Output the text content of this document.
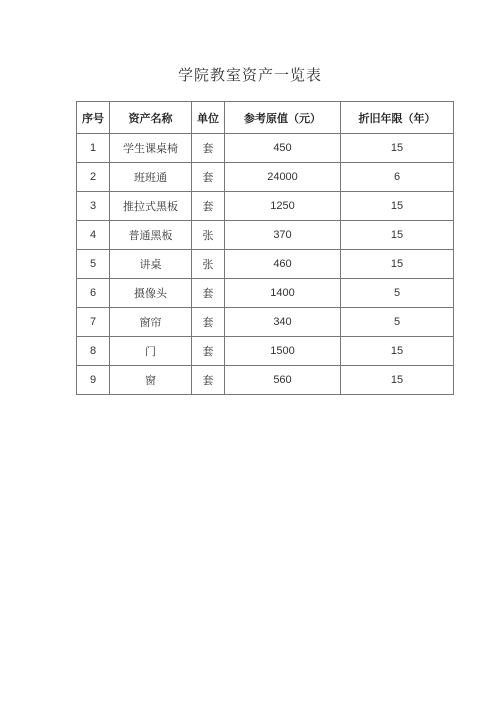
学院教室资产一览表
序号	资产名称	单位	参考原值（元）	折旧年限（年）
1	学生课桌椅	套	450	15
2	班班通	套	24000	6
3	推拉式黑板	套	1250	15
4	普通黑板	张	370	15
5	讲桌	张	460	15
6	摄像头	套	1400	5
7	窗帘	套	340	5
8	门	套	1500	15
9	窗	套	560	15
